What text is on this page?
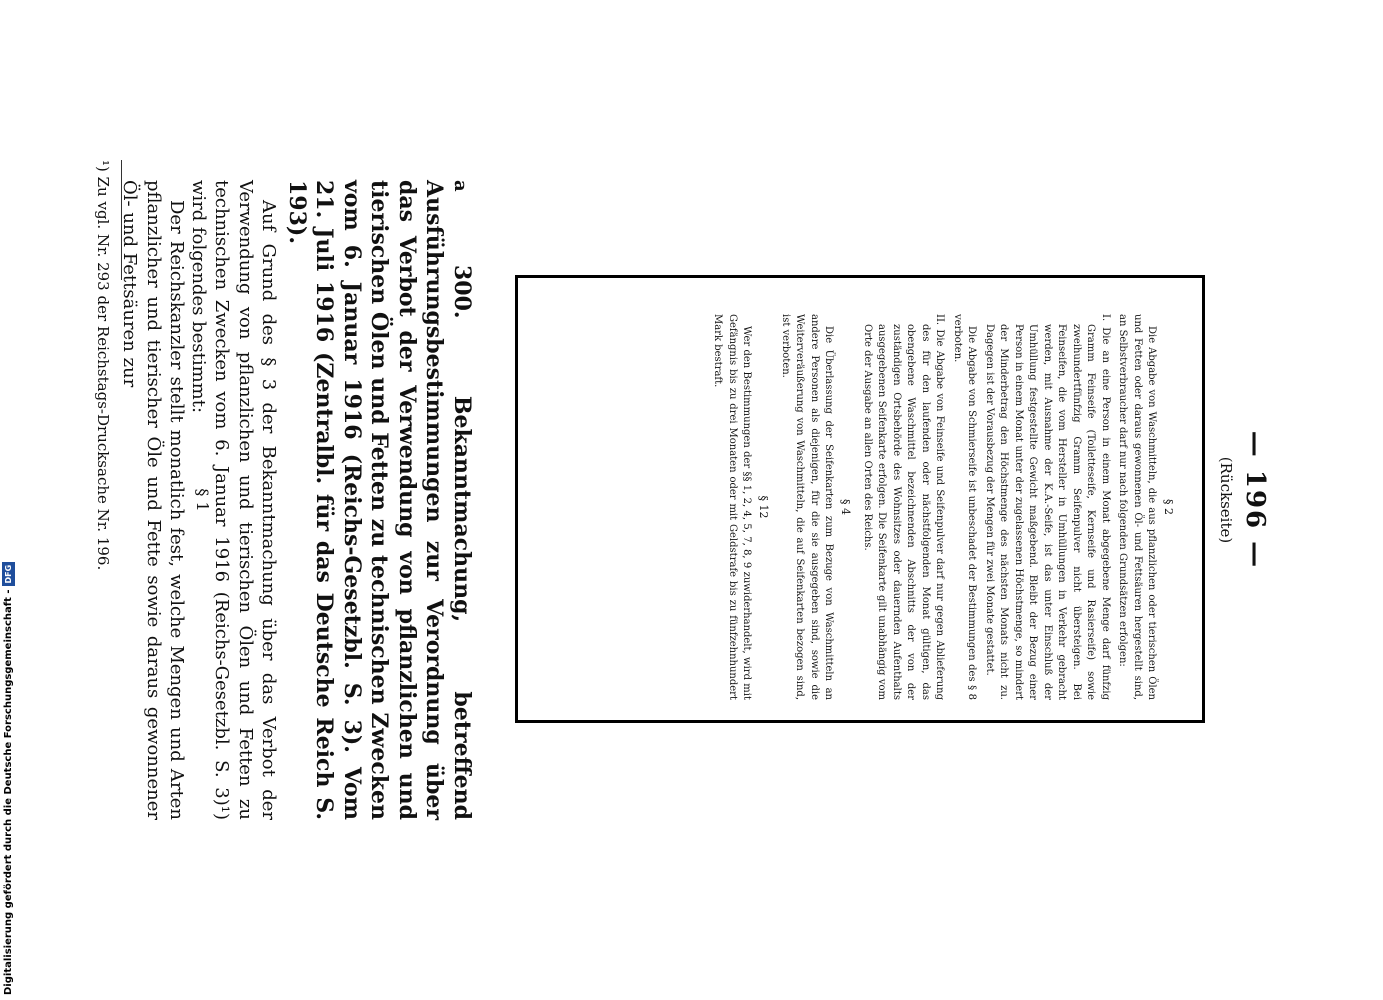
— 196 —
(Rückseite)
§ 2

Die Abgabe von Waschmitteln, die aus pflanzlichen oder tierischen Ölen und Fetten oder daraus gewonnenen Öl- und Fettsäuren hergestellt sind, an Selbstverbraucher darf nur nach folgenden Grundsätzen erfolgen:

I. Die an eine Person in einem Monat abgegebene Menge darf fünfzig Gramm Feinseife (Toiletteseife, Kernseife und Rasierseife) sowie zweihundertfünfzig Gramm Seifenpulver nicht übersteigen. Bei Feinseifen, die vom Hersteller in Umhüllungen in Verkehr gebracht werden, mit Ausnahme der K.A.-Seife, ist das unter Einschluß der Umhüllung festgestellte Gewicht maßgebend. Bleibt der Bezug einer Person in einem Monat unter der zugelassenen Höchstmenge, so mindert der Minderbetrag den Höchstmenge des nächsten Monats nicht zu. Dagegen ist der Vorausbezug der Mengen für zwei Monate gestattet.

Die Abgabe von Schmierseife ist unbeschadet der Bestimmungen des § 8 verboten.

II. Die Abgabe von Feinseife und Seifenpulver darf nur gegen Ablieferung des für den laufenden oder nächstfolgenden Monat gültigen, das obengebene Waschmittel bezeichnenden Abschnitts der von der zuständigen Ortsbehörde des Wohnsitzes oder dauernden Aufenthalts ausgegebenen Seifenkarte erfolgen. Die Seifenkarte gilt unabhängig vom Orte der Ausgabe an allen Orten des Reichs.

§ 4

Die Überlassung der Seifenkarten zum Bezuge von Waschmitteln an andere Personen als diejenigen, für die sie ausgegeben sind, sowie die Weiterveräußerung von Waschmitteln, die auf Seifenkarten bezogen sind, ist verboten.

§ 12

Wer den Bestimmungen der §§ 1, 2, 4, 5, 7, 8, 9 zuwiderhandelt, wird mit Gefängnis bis zu drei Monaten oder mit Geldstrafe bis zu fünfzehnhundert Mark bestraft.

a 300. Bekanntmachung, betreffend Ausführungsbestimmungen zur Verordnung über das Verbot der Verwendung von pflanzlichen und tierischen Ölen und Fetten zu technischen Zwecken vom 6. Januar 1916 (Reichs-Gesetzbl. S. 3). Vom 21. Juli 1916 (Zentralbl. für das Deutsche Reich S. 193).
Auf Grund des § 3 der Bekanntmachung über das Verbot der Verwendung von pflanzlichen und tierischen Ölen und Fetten zu technischen Zwecken vom 6. Januar 1916 (Reichs-Gesetzbl. S. 3)¹) wird folgendes bestimmt:
§ 1
Der Reichskanzler stellt monatlich fest, welche Mengen und Arten pflanzlicher und tierischer Öle und Fette sowie daraus gewonnener Öl- und Fettsäuren zur
¹) Zu vgl. Nr. 293 der Reichstags-Drucksache Nr. 196.
Digitalisierung gefördert durch die Deutsche Forschungsgemeinschaft -
DFG
